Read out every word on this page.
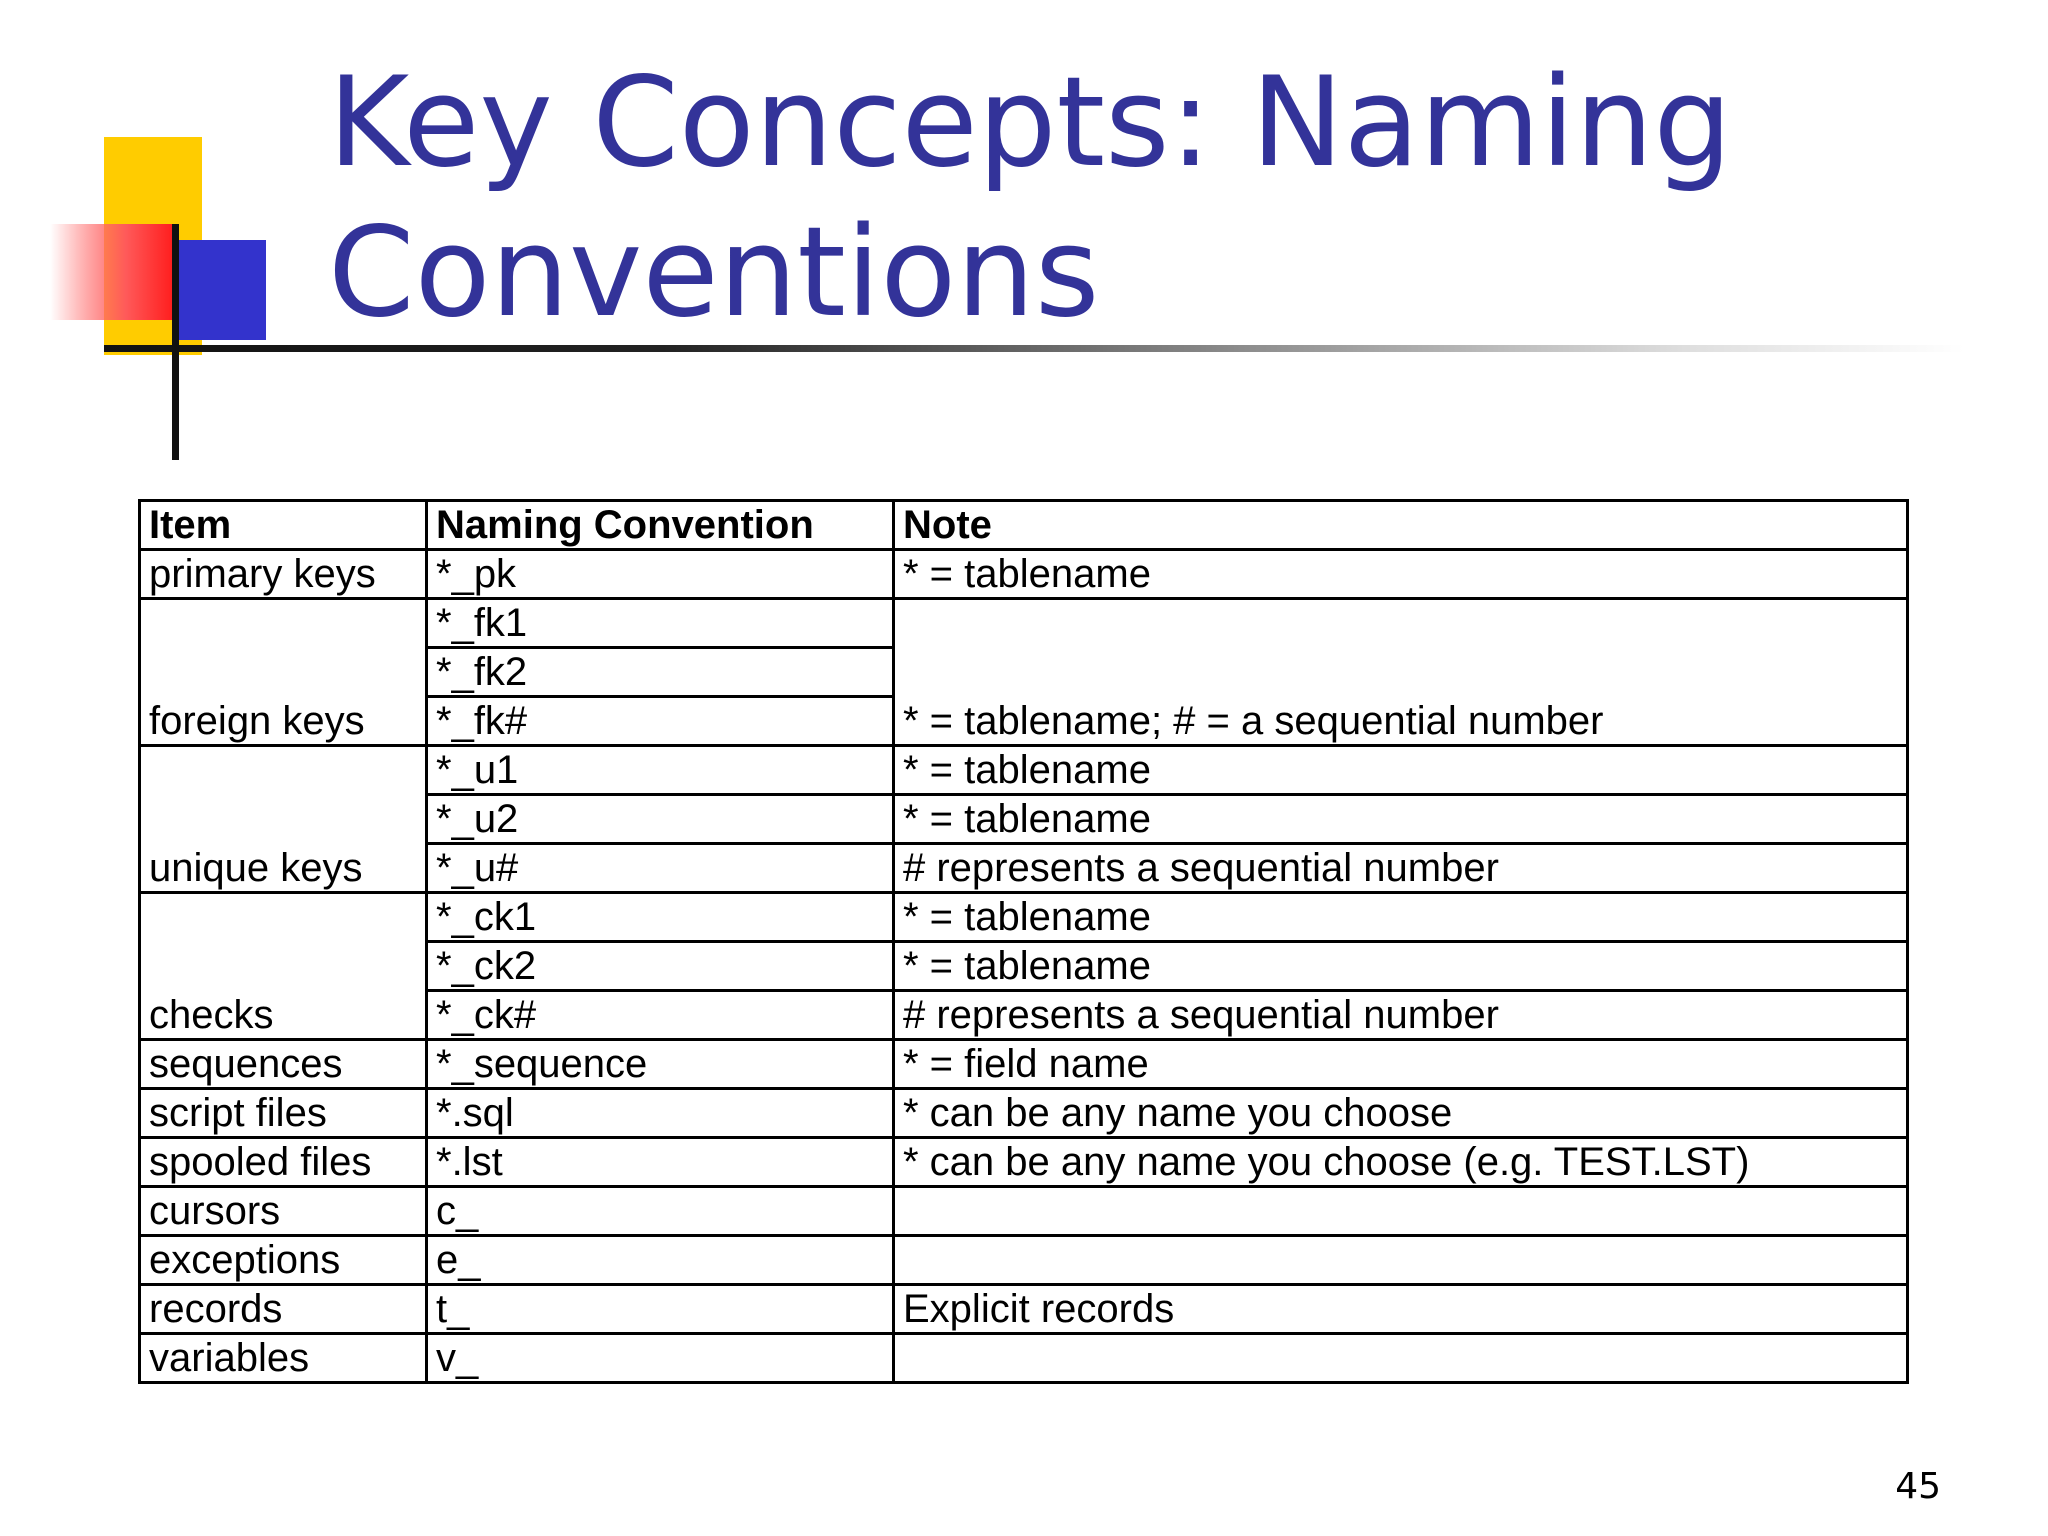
Key Concepts: Naming Conventions
Item	Naming Convention	Note
primary keys	*_pk	* = tablename
foreign keys	*_fk1	* = tablename; # = a sequential number
	*_fk2	
	*_fk#	
unique keys	*_u1	* = tablename
	*_u2	* = tablename
	*_u#	# represents a sequential number
checks	*_ck1	* = tablename
	*_ck2	* = tablename
	*_ck#	# represents a sequential number
sequences	*_sequence	* = field name
script files	*.sql	* can be any name you choose
spooled files	*.lst	* can be any name you choose (e.g. TEST.LST)
cursors	c_	
exceptions	e_	
records	t_	Explicit records
variables	v_	
45
